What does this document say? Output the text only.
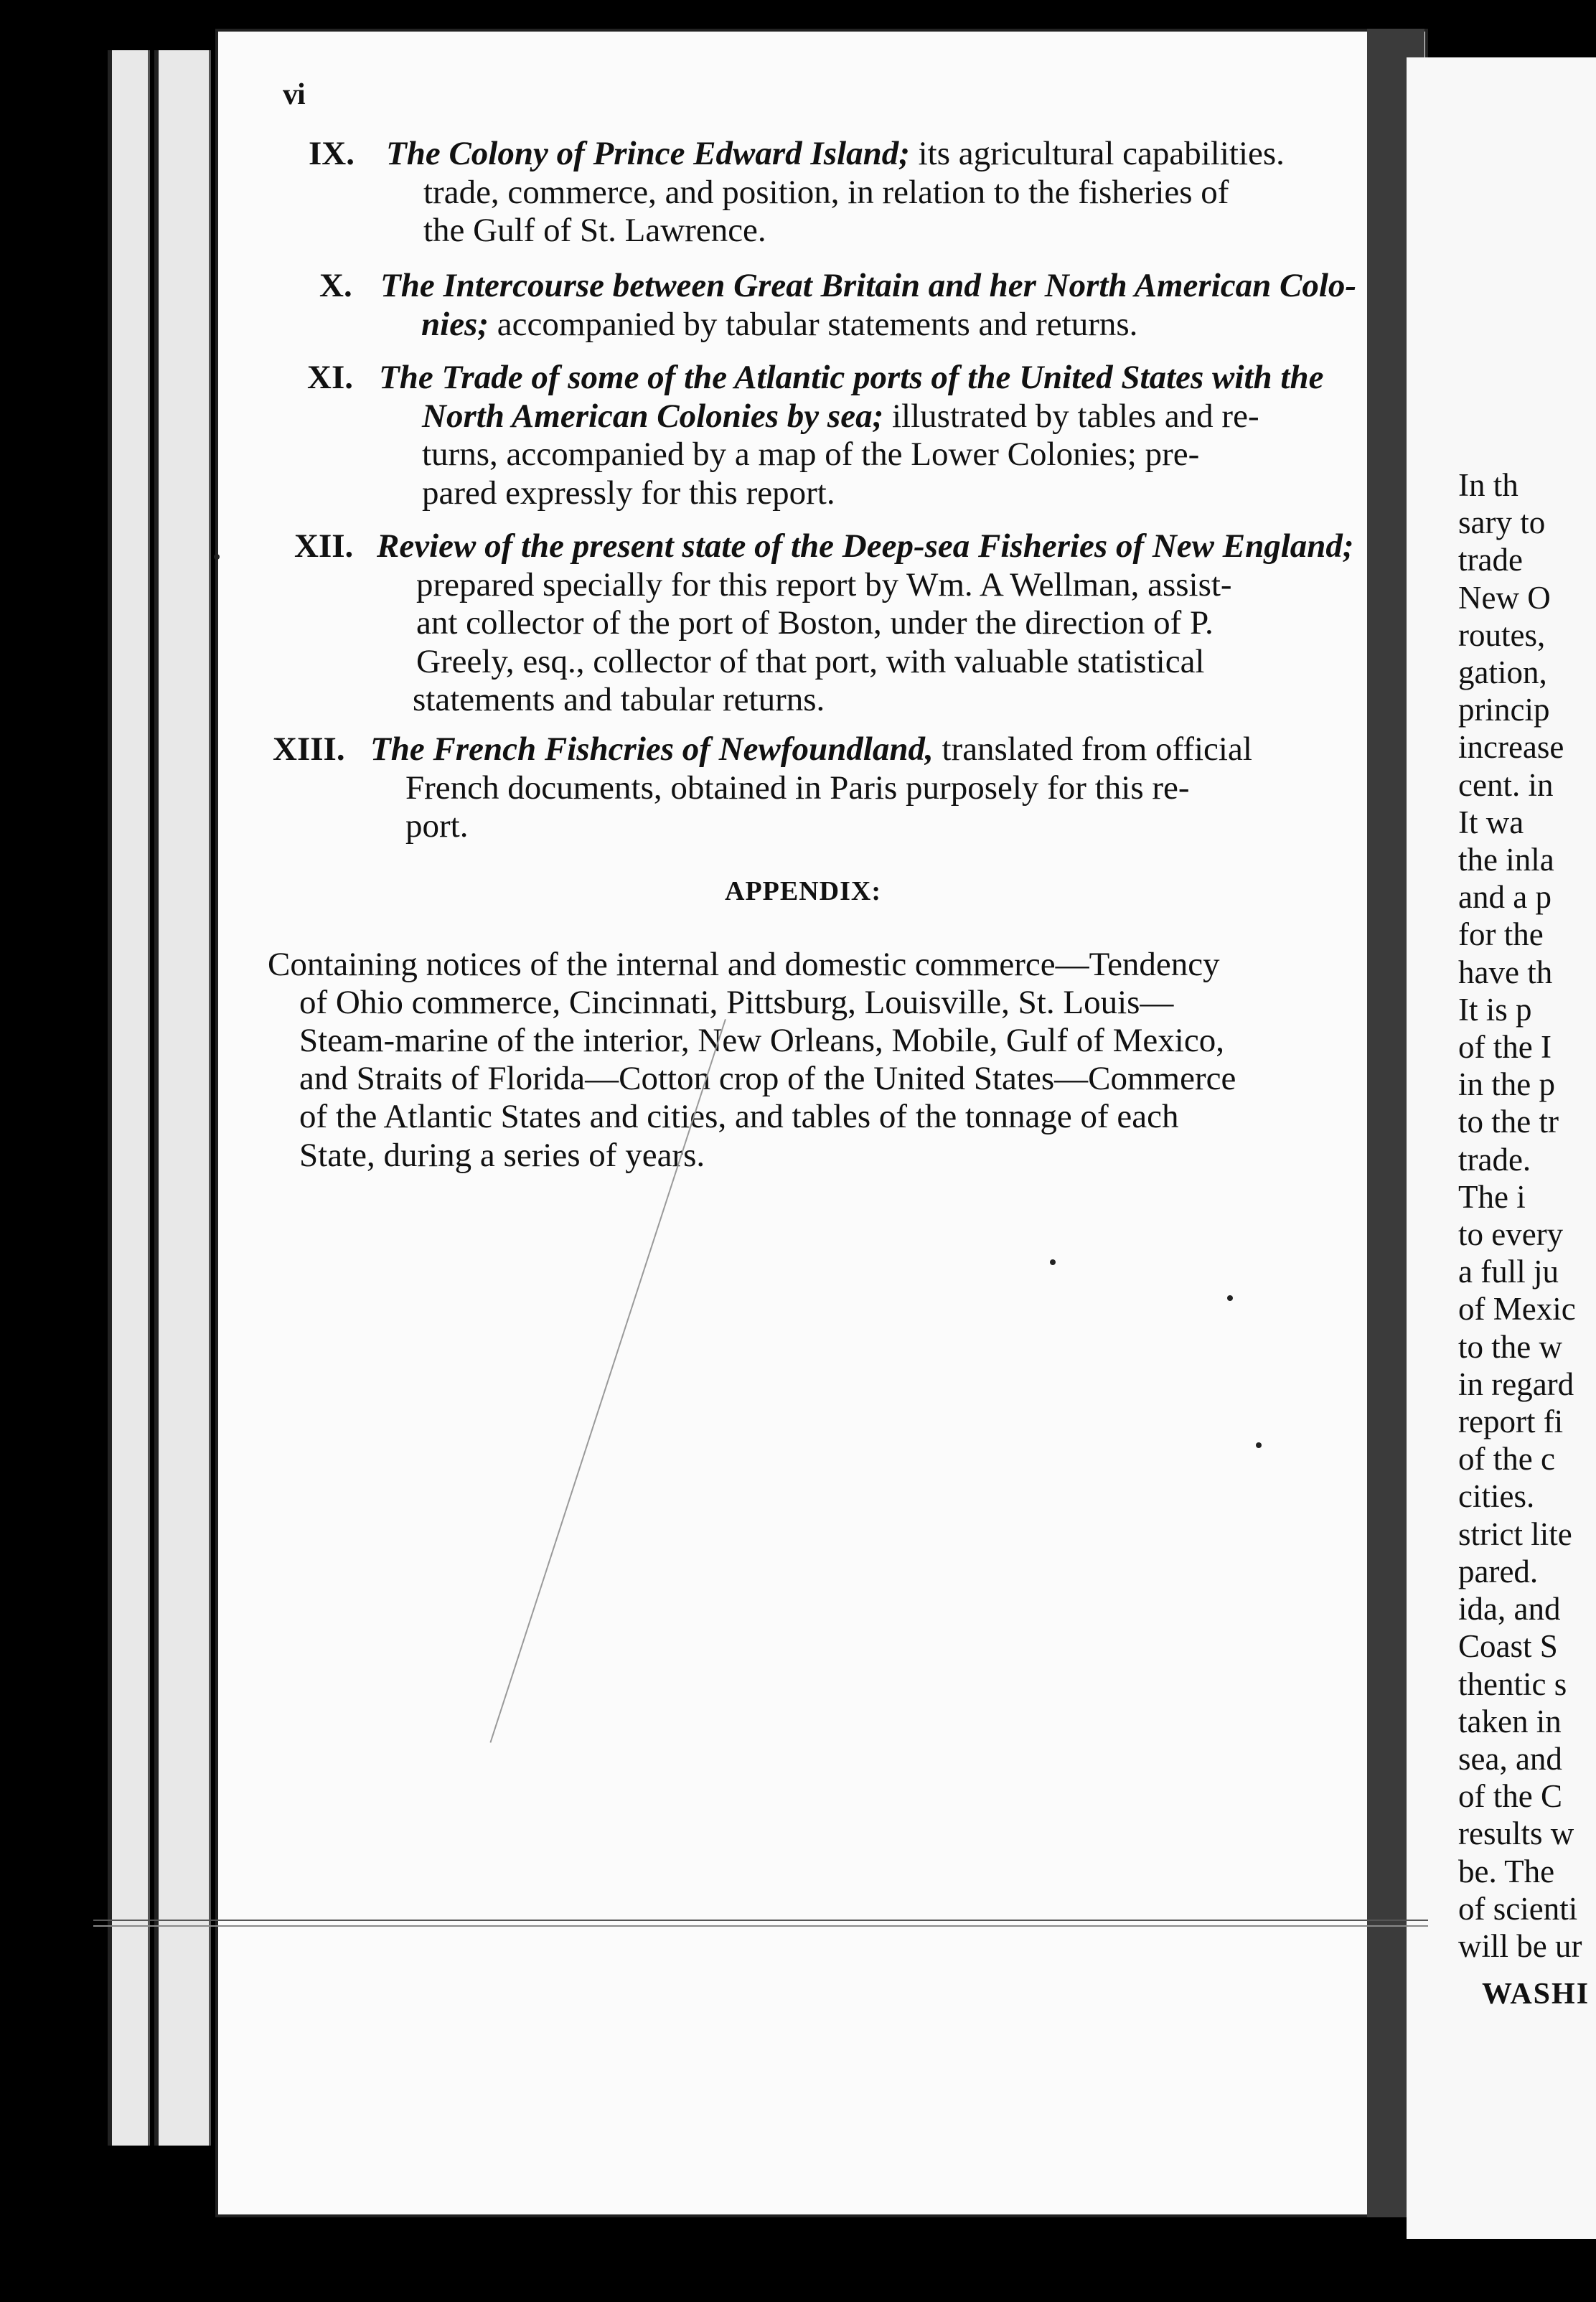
vi
IX. The Colony of Prince Edward Island; its agricultural capabilities.
trade, commerce, and position, in relation to the fisheries of
the Gulf of St. Lawrence.
X. The Intercourse between Great Britain and her North American Colo-
nies; accompanied by tabular statements and returns.
XI. The Trade of some of the Atlantic ports of the United States with the
North American Colonies by sea; illustrated by tables and re-
turns, accompanied by a map of the Lower Colonies; pre-
pared expressly for this report.
XII. Review of the present state of the Deep-sea Fisheries of New England;
prepared specially for this report by Wm. A Wellman, assist-
ant collector of the port of Boston, under the direction of P.
Greely, esq., collector of that port, with valuable statistical
statements and tabular returns.
XIII. The French Fishcries of Newfoundland, translated from official
French documents, obtained in Paris purposely for this re-
port.
APPENDIX:
Containing notices of the internal and domestic commerce—Tendency
of Ohio commerce, Cincinnati, Pittsburg, Louisville, St. Louis—
Steam-marine of the interior, New Orleans, Mobile, Gulf of Mexico,
and Straits of Florida—Cotton crop of the United States—Commerce
of the Atlantic States and cities, and tables of the tonnage of each
State, during a series of years.
In th
sary to
trade
New O
routes,
gation,
princip
increase
cent. in
It wa
the inla
and a p
for the
have th
It is p
of the I
in the p
to the tr
trade.
The i
to every
a full ju
of Mexic
to the w
in regard
report fi
of the c
cities.
strict lite
pared.
ida, and
Coast S
thentic s
taken in
sea, and
of the C
results w
be. The
of scienti
will be ur
WASHI
